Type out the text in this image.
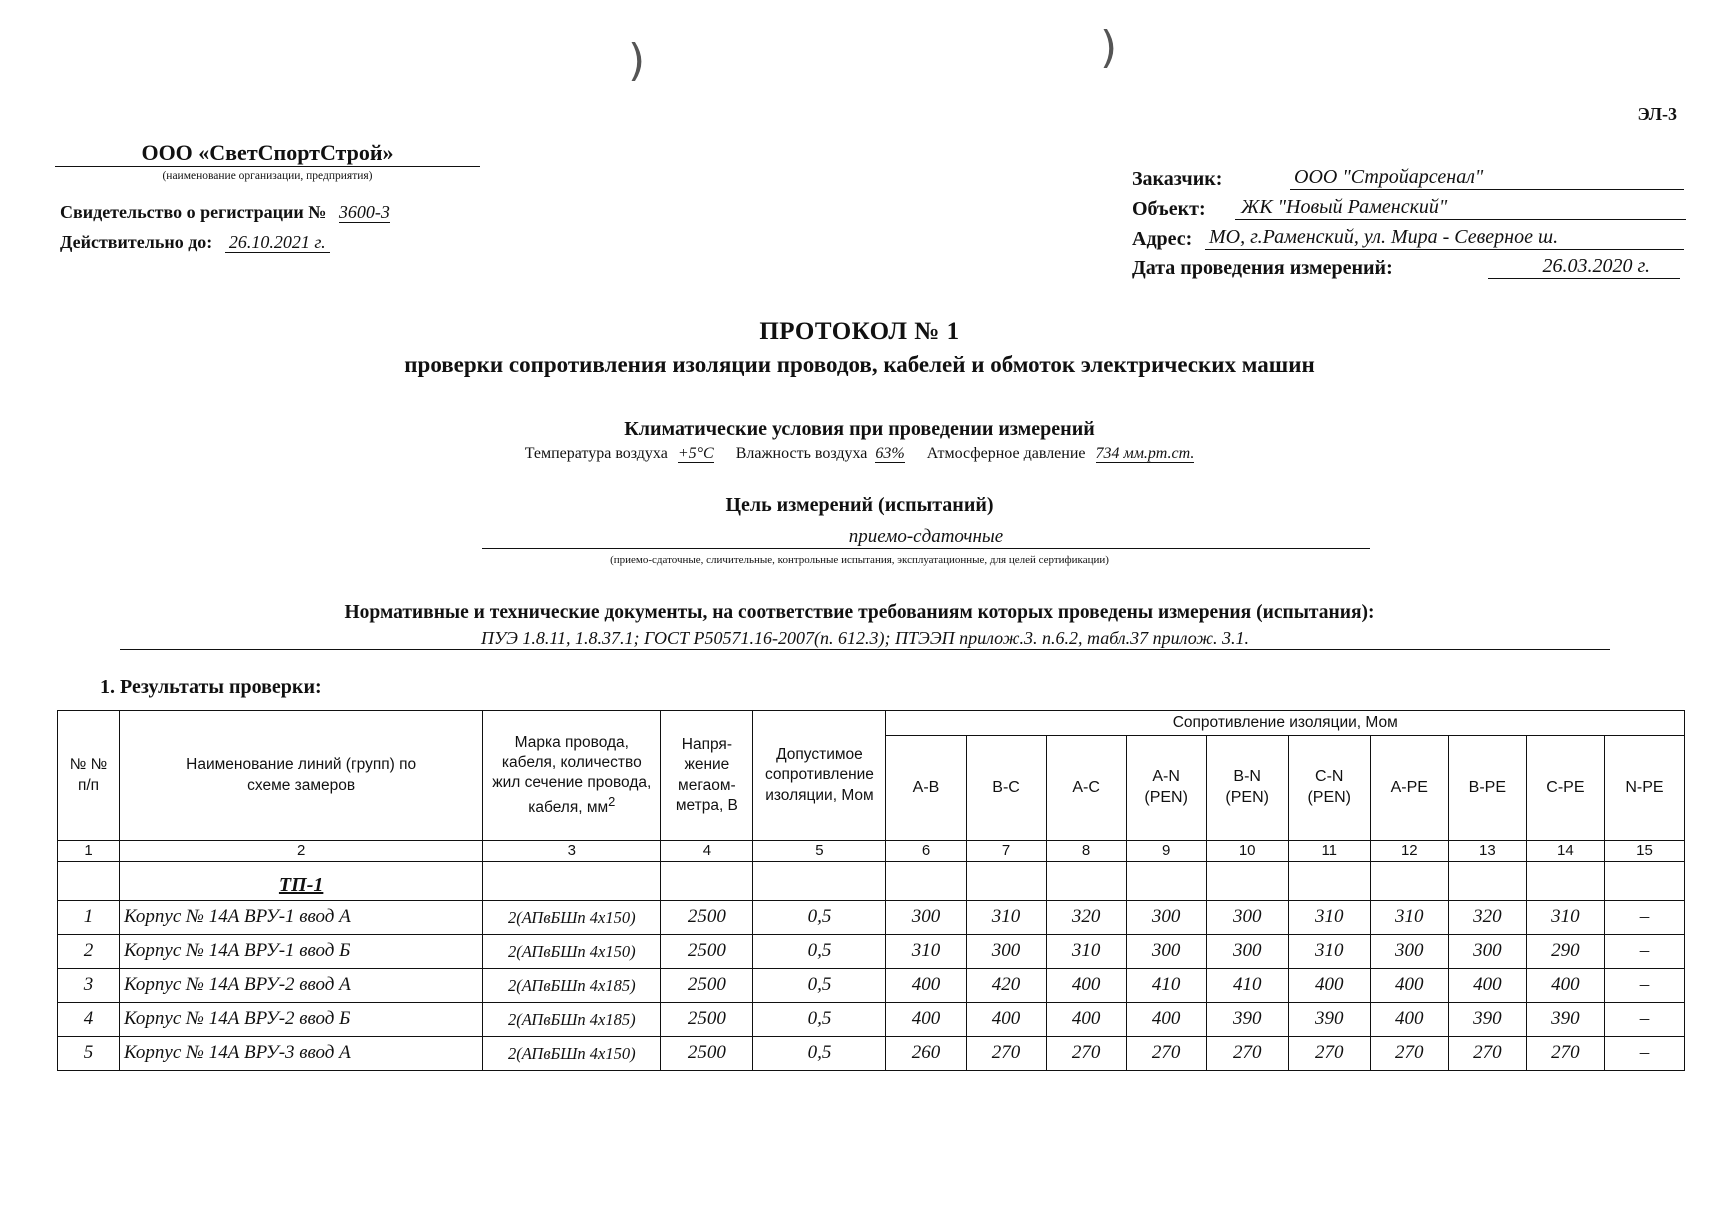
)	)
ЭЛ-3
ООО «СветСпортСтрой»
(наименование организации, предприятия)
Свидетельство о регистрации № 3600-3
Действительно до: 26.10.2021 г.
Заказчик:	ООО "Стройарсенал"
Объект:	ЖК "Новый Раменский"
Адрес: МО, г.Раменский, ул. Мира - Северное ш.
Дата проведения измерений:	26.03.2020 г.
ПРОТОКОЛ № 1
проверки сопротивления изоляции проводов, кабелей и обмоток электрических машин
Климатические условия при проведении измерений
Температура воздуха +5°С Влажность воздуха 63% Атмосферное давление 734 мм.рт.ст.
Цель измерений (испытаний)
приемо-сдаточные
(приемо-сдаточные, сличительные, контрольные испытания, эксплуатационные, для целей сертификации)
Нормативные и технические документы, на соответствие требованиям которых проведены измерения (испытания):
ПУЭ 1.8.11, 1.8.37.1; ГОСТ Р50571.16-2007(п. 612.3); ПТЭЭП прилож.3. п.6.2, табл.37 прилож. 3.1.
1. Результаты проверки:
№ № п/п	Наименование линий (групп) по схеме замеров	Марка провода, кабеля, количество жил сечение провода, кабеля, $мм^2$	Напря-жение мегаом-метра, В	Допустимое сопротивление изоляции, Мом	Сопротивление изоляции, Мом									
					А-В	В-С	А-С	A-N (PEN)	B-N (PEN)	C-N (PEN)	А-РЕ	В-РЕ	С-РЕ	N-PE
1	2	3	4	5	6	7	8	9	10	11	12	13	14	15
	ТП-1													
1	Корпус № 14А ВРУ-1 ввод А	2(АПвБШп 4х150)	2500	0,5	300	310	320	300	300	310	310	320	310	–
2	Корпус № 14А ВРУ-1 ввод Б	2(АПвБШп 4х150)	2500	0,5	310	300	310	300	300	310	300	300	290	–
3	Корпус № 14А ВРУ-2 ввод А	2(АПвБШп 4х185)	2500	0,5	400	420	400	410	410	400	400	400	400	–
4	Корпус № 14А ВРУ-2 ввод Б	2(АПвБШп 4х185)	2500	0,5	400	400	400	400	390	390	400	390	390	–
5	Корпус № 14А ВРУ-3 ввод А	2(АПвБШп 4х150)	2500	0,5	260	270	270	270	270	270	270	270	270	–
